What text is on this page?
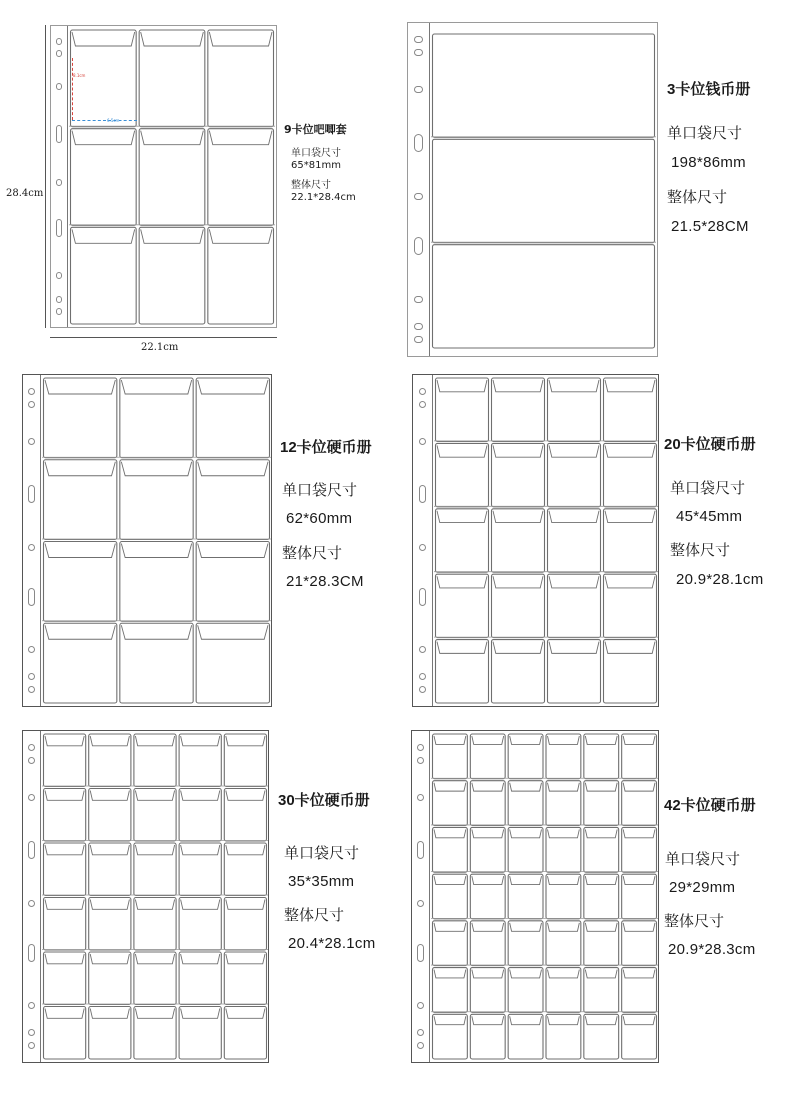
8.1cm
6.5cm
28.4cm
22.1cm
9卡位吧唧套
单口袋尺寸
65*81mm
整体尺寸
22.1*28.4cm
3卡位钱币册
单口袋尺寸
198*86mm
整体尺寸
21.5*28CM
12卡位硬币册
单口袋尺寸
62*60mm
整体尺寸
21*28.3CM
20卡位硬币册
单口袋尺寸
45*45mm
整体尺寸
20.9*28.1cm
30卡位硬币册
单口袋尺寸
35*35mm
整体尺寸
20.4*28.1cm
42卡位硬币册
单口袋尺寸
29*29mm
整体尺寸
20.9*28.3cm
